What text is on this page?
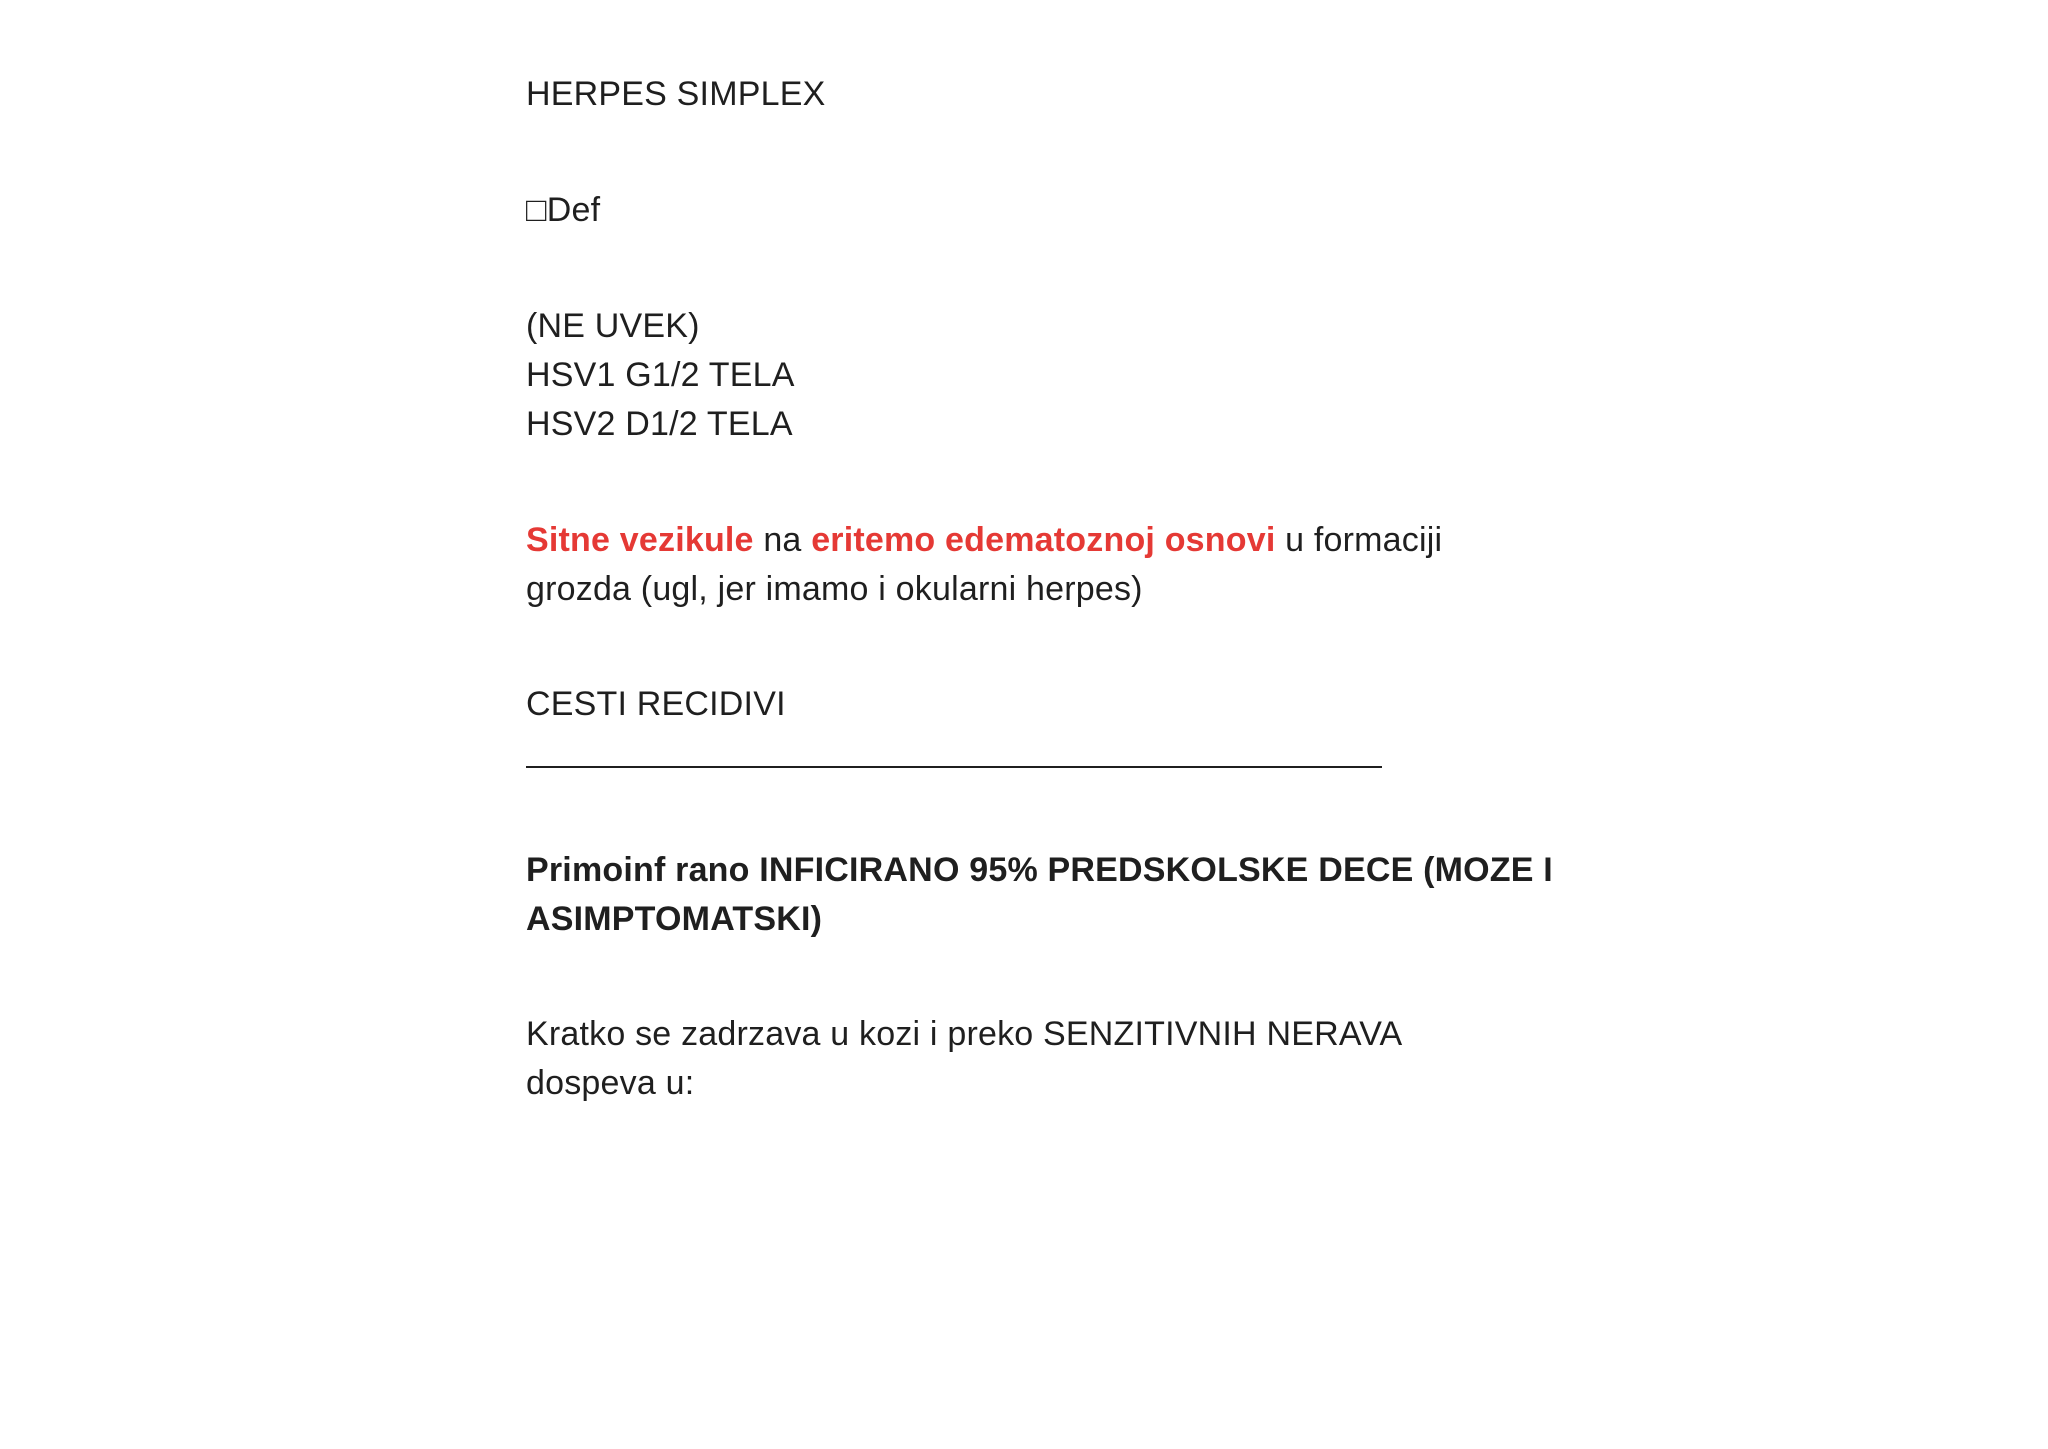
HERPES SIMPLEX
□Def
(NE UVEK)
HSV1 G1/2 TELA
HSV2 D1/2 TELA
Sitne vezikule na eritemo edematoznoj osnovi u formaciji
grozda (ugl, jer imamo i okularni herpes)
CESTI RECIDIVI
Primoinf rano INFICIRANO 95% PREDSKOLSKE DECE (MOZE I
ASIMPTOMATSKI)
Kratko se zadrzava u kozi i preko SENZITIVNIH NERAVA
dospeva u:
